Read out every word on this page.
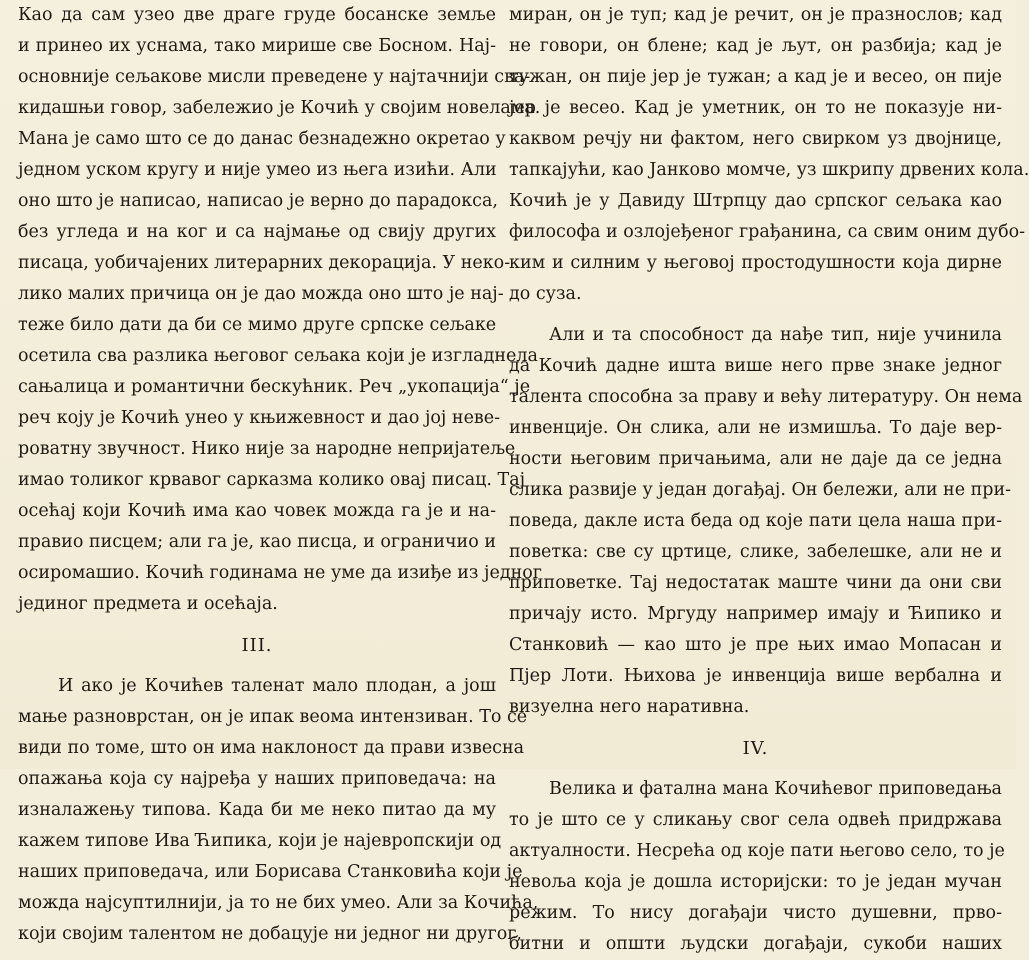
Као да сам узео две драге груде босанске земље
и принео их уснама, тако мирише све Босном. Нај-
основније сељакове мисли преведене у најтачнији сва-
кидашњи говор, забележио је Кочић у својим новелама.
Мана је само што се до данас безнадежно окретао у
једном уском кругу и није умео из њега изићи. Али
оно што је написао, написао је верно до парадокса,
без угледа и на ког и са најмање од свију других
писаца, уобичајених литерарних декорација. У неко-
лико малих причица он је дао можда оно што је нај-
теже било дати да би се мимо друге српске сељаке
осетила сва разлика његовог сељака који је изгладнела
сањалица и романтични бескућник. Реч „укопација“ је
реч коју је Кочић унео у књижевност и дао јој неве-
роватну звучност. Нико није за народне непријатеље
имао толиког крвавог сарказма колико овај писац. Тај
осећај који Кочић има као човек можда га је и на-
правио писцем; али га је, као писца, и ограничио и
осиромашио. Кочић годинама не уме да изиђе из једног
јединог предмета и осећаја.
III.
И ако је Кочићев таленат мало плодан, а још
мање разноврстан, он је ипак веома интензиван. То се
види по томе, што он има наклоност да прави извесна
опажања која су најређа у наших приповедача: на
изналажењу типова. Када би ме неко питао да му
кажем типове Ива Ћипика, који је најевропскији од
наших приповедача, или Борисава Станковића који је
можда најсуптилнији, ја то не бих умео. Али за Кочића,
који својим талентом не добацује ни једног ни другог,
миран, он је туп; кад је речит, он је празнослов; кад
не говори, он блене; кад је љут, он разбија; кад је
тужан, он пије јер је тужан; а кад је и весео, он пије
јер је весео. Кад је уметник, он то не показује ни-
каквом речју ни фактом, него свирком уз двојнице,
тапкајући, као Јанково момче, уз шкрипу дрвених кола.
Кочић је у Давиду Штрпцу дао српског сељака као
философа и озлојеђеног грађанина, са свим оним дубо-
ким и силним у његовој простодушности која дирне
до суза.
Али и та способност да нађе тип, није учинила
да Кочић дадне ишта више него прве знаке једног
талента способна за праву и већу литературу. Он нема
инвенције. Он слика, али не измишља. То даје вер-
ности његовим причањима, али не даје да се једна
слика развије у један догађај. Он бележи, али не при-
поведа, дакле иста беда од које пати цела наша при-
поветка: све су цртице, слике, забелешке, али не и
приповетке. Тај недостатак маште чини да они сви
причају исто. Мргуду например имају и Ћипико и
Станковић — као што је пре њих имао Мопасан и
Пјер Лоти. Њихова је инвенција више вербална и
визуелна него наративна.
IV.
Велика и фатална мана Кочићевог приповедања
то је што се у сликању свог села одвећ придржава
актуалности. Несрећа од које пати његово село, то је
невоља која је дошла историјски: то је један мучан
режим. То нису догађаји чисто душевни, прво-
битни и општи људски догађаји, сукоби наших
